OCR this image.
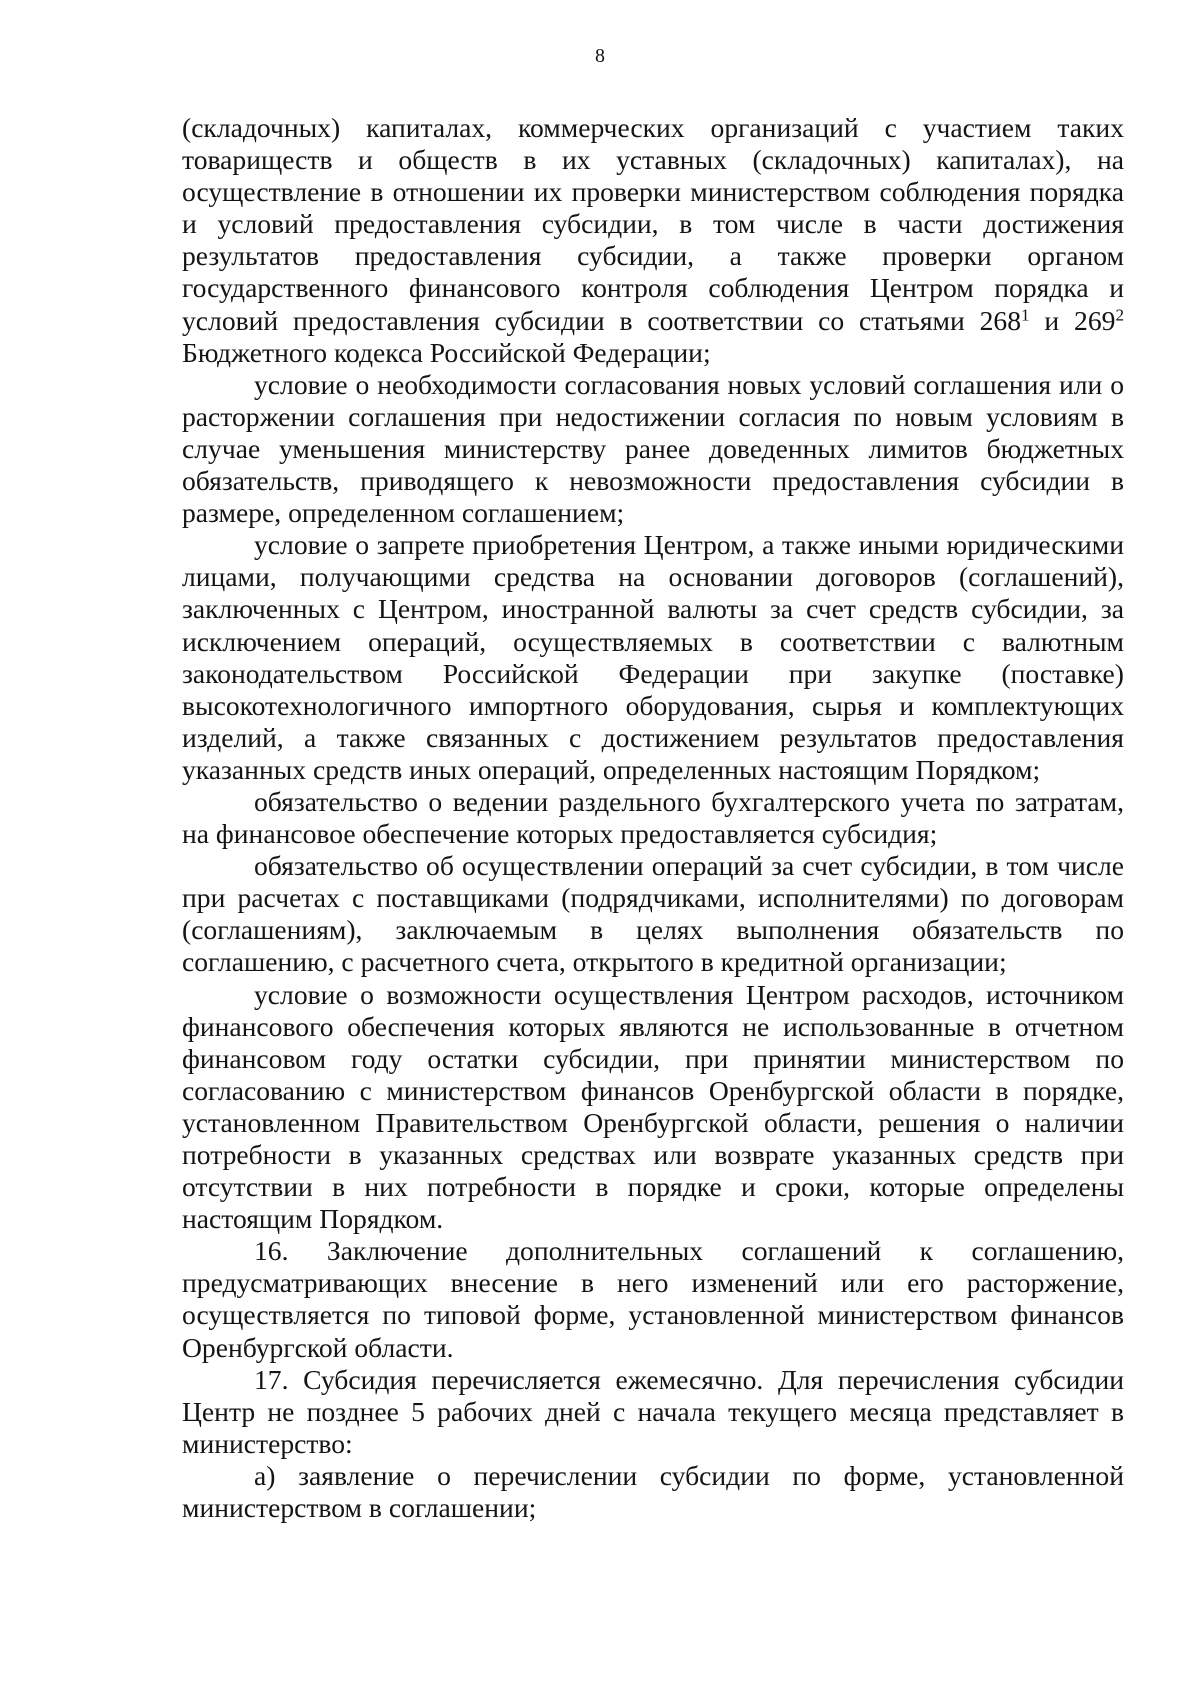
8

(складочных) капиталах, коммерческих организаций с участием таких товариществ и обществ в их уставных (складочных) капиталах), на осуществление в отношении их проверки министерством соблюдения порядка и условий предоставления субсидии, в том числе в части достижения результатов предоставления субсидии, а также проверки органом государственного финансового контроля соблюдения Центром порядка и условий предоставления субсидии в соответствии со статьями $268^1$ и $269^2$ Бюджетного кодекса Российской Федерации;

условие о необходимости согласования новых условий соглашения или о расторжении соглашения при недостижении согласия по новым условиям в случае уменьшения министерству ранее доведенных лимитов бюджетных обязательств, приводящего к невозможности предоставления субсидии в размере, определенном соглашением;

условие о запрете приобретения Центром, а также иными юридическими лицами, получающими средства на основании договоров (соглашений), заключенных с Центром, иностранной валюты за счет средств субсидии, за исключением операций, осуществляемых в соответствии с валютным законодательством Российской Федерации при закупке (поставке) высокотехнологичного импортного оборудования, сырья и комплектующих изделий, а также связанных с достижением результатов предоставления указанных средств иных операций, определенных настоящим Порядком;

обязательство о ведении раздельного бухгалтерского учета по затратам, на финансовое обеспечение которых предоставляется субсидия;

обязательство об осуществлении операций за счет субсидии, в том числе при расчетах с поставщиками (подрядчиками, исполнителями) по договорам (соглашениям), заключаемым в целях выполнения обязательств по соглашению, с расчетного счета, открытого в кредитной организации;

условие о возможности осуществления Центром расходов, источником финансового обеспечения которых являются не использованные в отчетном финансовом году остатки субсидии, при принятии министерством по согласованию с министерством финансов Оренбургской области в порядке, установленном Правительством Оренбургской области, решения о наличии потребности в указанных средствах или возврате указанных средств при отсутствии в них потребности в порядке и сроки, которые определены настоящим Порядком.

16. Заключение дополнительных соглашений к соглашению, предусматривающих внесение в него изменений или его расторжение, осуществляется по типовой форме, установленной министерством финансов Оренбургской области.

17. Субсидия перечисляется ежемесячно. Для перечисления субсидии Центр не позднее 5 рабочих дней с начала текущего месяца представляет в министерство:

а) заявление о перечислении субсидии по форме, установленной министерством в соглашении;
